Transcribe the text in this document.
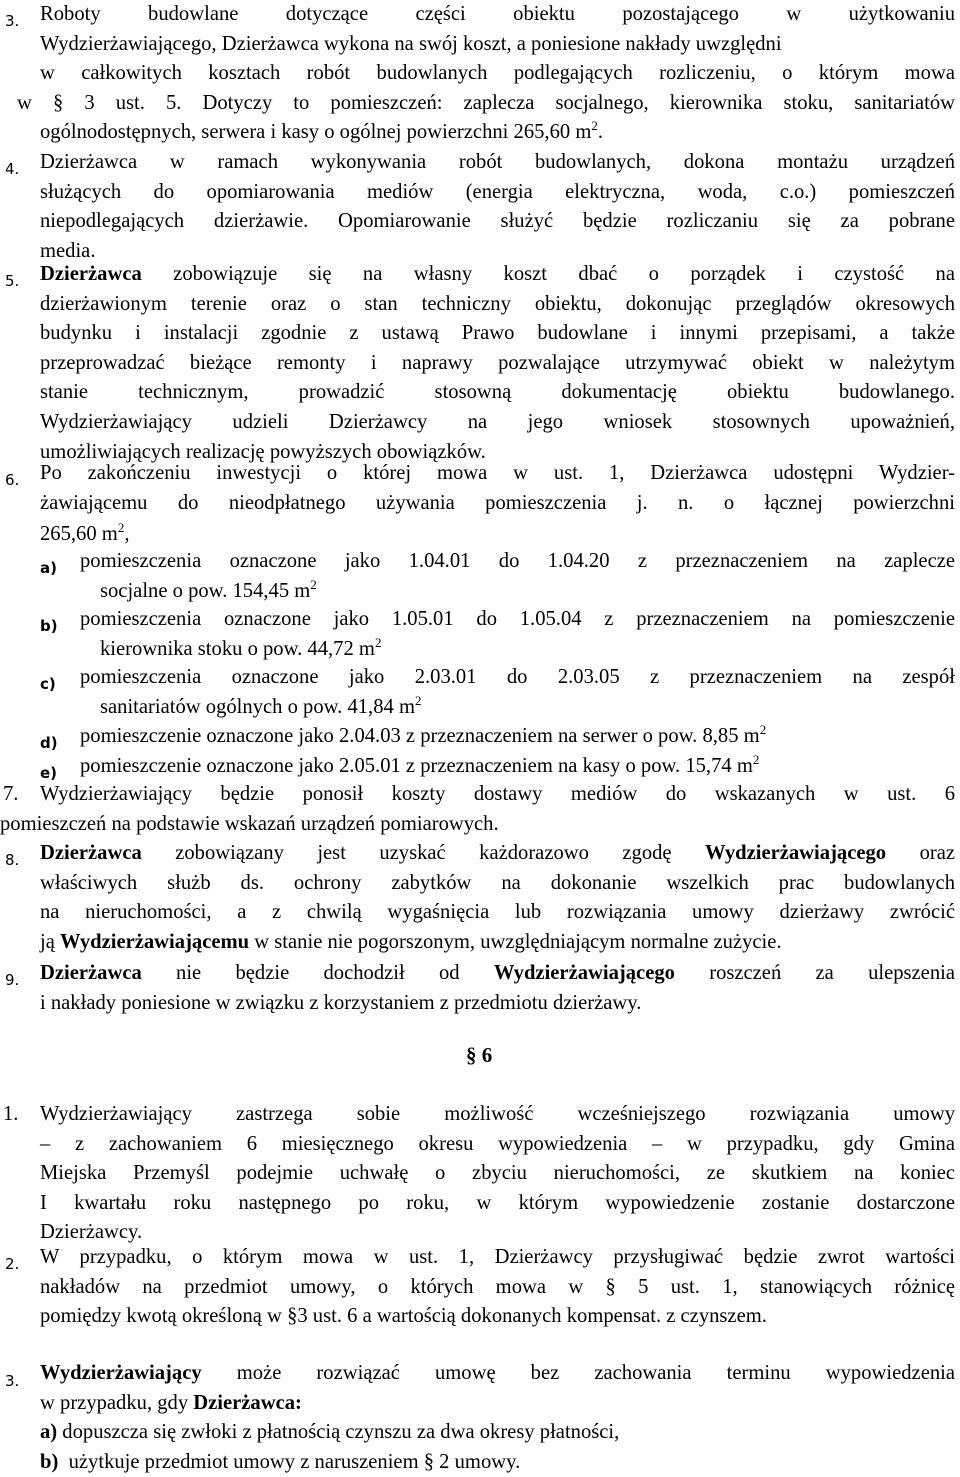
3. Roboty budowlane dotyczące części obiektu pozostającego w użytkowaniu
Wydzierżawiającego, Dzierżawca wykona na swój koszt, a poniesione nakłady uwzględni
w całkowitych kosztach robót budowlanych podlegających rozliczeniu, o którym mowa
w § 3 ust. 5. Dotyczy to pomieszczeń: zaplecza socjalnego, kierownika stoku, sanitariatów
ogólnodostępnych, serwera i kasy o ogólnej powierzchni 265,60 $m^2$.
4. Dzierżawca w ramach wykonywania robót budowlanych, dokona montażu urządzeń
służących do opomiarowania mediów (energia elektryczna, woda, c.o.) pomieszczeń
niepodlegających dzierżawie. Opomiarowanie służyć będzie rozliczaniu się za pobrane
media.
5. Dzierżawca zobowiązuje się na własny koszt dbać o porządek i czystość na
dzierżawionym terenie oraz o stan techniczny obiektu, dokonując przeglądów okresowych
budynku i instalacji zgodnie z ustawą Prawo budowlane i innymi przepisami, a także
przeprowadzać bieżące remonty i naprawy pozwalające utrzymywać obiekt w należytym
stanie technicznym, prowadzić stosowną dokumentację obiektu budowlanego.
Wydzierżawiający udzieli Dzierżawcy na jego wniosek stosownych upoważnień,
umożliwiających realizację powyższych obowiązków.
6. Po zakończeniu inwestycji o której mowa w ust. 1, Dzierżawca udostępni Wydzier-
żawiającemu do nieodpłatnego używania pomieszczenia j. n. o łącznej powierzchni
265,60 $m^2$,
a) pomieszczenia oznaczone jako 1.04.01 do 1.04.20 z przeznaczeniem na zaplecze
socjalne o pow. 154,45 $m^2$
b) pomieszczenia oznaczone jako 1.05.01 do 1.05.04 z przeznaczeniem na pomieszczenie
kierownika stoku o pow. 44,72 $m^2$
c) pomieszczenia oznaczone jako 2.03.01 do 2.03.05 z przeznaczeniem na zespół
sanitariatów ogólnych o pow. 41,84 $m^2$
d) pomieszczenie oznaczone jako 2.04.03 z przeznaczeniem na serwer o pow. 8,85 $m^2$
e) pomieszczenie oznaczone jako 2.05.01 z przeznaczeniem na kasy o pow. 15,74 $m^2$
7. Wydzierżawiający będzie ponosił koszty dostawy mediów do wskazanych w ust. 6
pomieszczeń na podstawie wskazań urządzeń pomiarowych.
8. Dzierżawca zobowiązany jest uzyskać każdorazowo zgodę Wydzierżawiającego oraz
właściwych służb ds. ochrony zabytków na dokonanie wszelkich prac budowlanych
na nieruchomości, a z chwilą wygaśnięcia lub rozwiązania umowy dzierżawy zwrócić
ją Wydzierżawiającemu w stanie nie pogorszonym, uwzględniającym normalne zużycie.
9. Dzierżawca nie będzie dochodził od Wydzierżawiającego roszczeń za ulepszenia
i nakłady poniesione w związku z korzystaniem z przedmiotu dzierżawy.
§ 6
1. Wydzierżawiający zastrzega sobie możliwość wcześniejszego rozwiązania umowy
– z zachowaniem 6 miesięcznego okresu wypowiedzenia – w przypadku, gdy Gmina
Miejska Przemyśl podejmie uchwałę o zbyciu nieruchomości, ze skutkiem na koniec
I kwartału roku następnego po roku, w którym wypowiedzenie zostanie dostarczone
Dzierżawcy.
2. W przypadku, o którym mowa w ust. 1, Dzierżawcy przysługiwać będzie zwrot wartości
nakładów na przedmiot umowy, o których mowa w § 5 ust. 1, stanowiących różnicę
pomiędzy kwotą określoną w §3 ust. 6 a wartością dokonanych kompensat. z czynszem.
3. Wydzierżawiający może rozwiązać umowę bez zachowania terminu wypowiedzenia
w przypadku, gdy Dzierżawca:
a) dopuszcza się zwłoki z płatnością czynszu za dwa okresy płatności,
b)  użytkuje przedmiot umowy z naruszeniem § 2 umowy.
